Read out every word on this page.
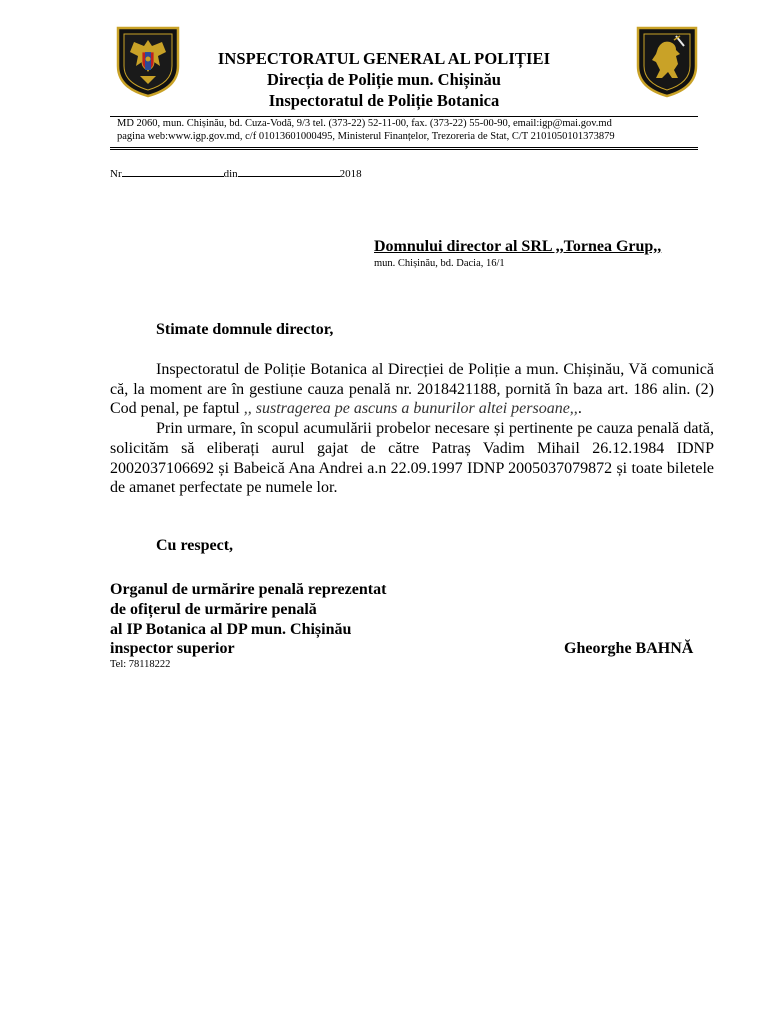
INSPECTORATUL GENERAL AL POLIȚIEI
Direcția de Poliție mun. Chișinău
Inspectoratul de Poliție Botanica
MD 2060, mun. Chișinău, bd. Cuza-Vodă, 9/3 tel. (373-22) 52-11-00, fax. (373-22) 55-00-90, email:igp@mai.gov.md
pagina web:www.igp.gov.md, c/f 01013601000495, Ministerul Finanțelor, Trezoreria de Stat, C/T 2101050101373879
Nr	din	2018
Domnului director al SRL ,,Tornea Grup,,
mun. Chișinău, bd. Dacia, 16/1
Stimate domnule director,

Inspectoratul de Poliție Botanica al Direcției de Poliție a mun. Chișinău, Vă comunică că, la moment are în gestiune cauza penală nr. 2018421188, pornită în baza art. 186 alin. (2) Cod penal, pe faptul ,, sustragerea pe ascuns a bunurilor altei persoane,,.

Prin urmare, în scopul acumulării probelor necesare și pertinente pe cauza penală dată, solicităm să eliberați aurul gajat de către Patraș Vadim Mihail 26.12.1984 IDNP 2002037106692 și Babeică Ana Andrei a.n 22.09.1997 IDNP 2005037079872 și toate biletele de amanet perfectate pe numele lor.

Cu respect,
Organul de urmărire penală reprezentat
de ofițerul de urmărire penală
al IP Botanica al DP mun. Chișinău
inspector superior	Gheorghe BAHNĂ
Tel: 78118222
